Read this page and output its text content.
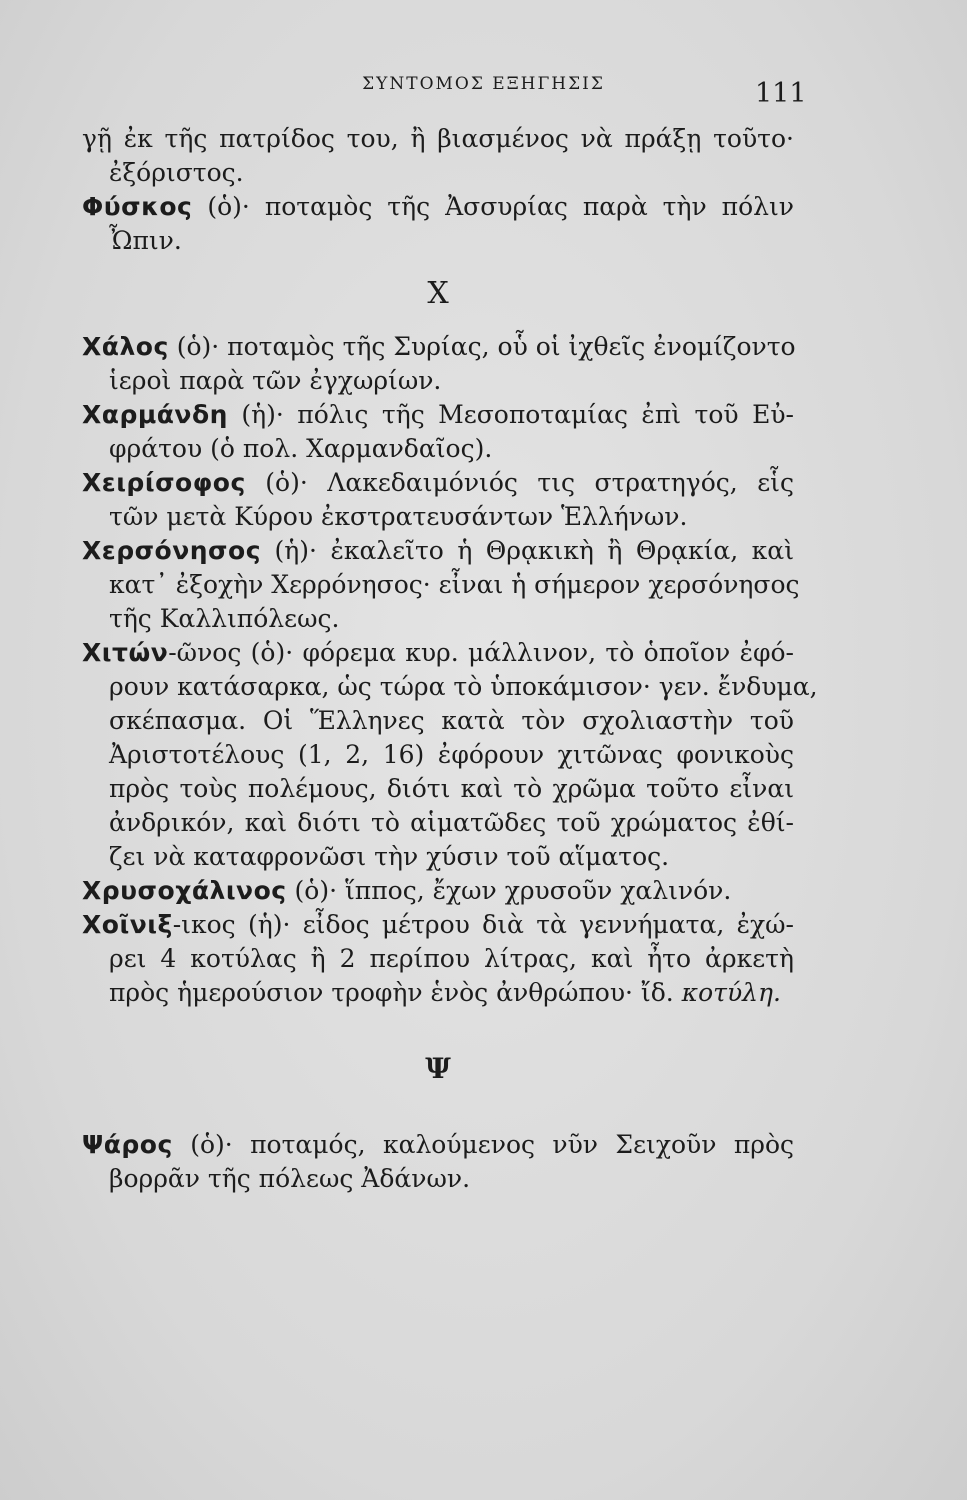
ΣΥΝΤΟΜΟΣ ΕΞΗΓΗΣΙΣ	111
γῇ ἐκ τῆς πατρίδος του, ἢ βιασμένος νὰ πράξῃ τοῦτο·
ἐξόριστος.
Φύσκος (ὁ)· ποταμὸς τῆς Ἀσσυρίας παρὰ τὴν πόλιν
Ὦπιν.
Χ
Χάλος (ὁ)· ποταμὸς τῆς Συρίας, οὗ οἱ ἰχθεῖς ἐνομίζοντο
ἱεροὶ παρὰ τῶν ἐγχωρίων.
Χαρμάνδη (ἡ)· πόλις τῆς Μεσοποταμίας ἐπὶ τοῦ Εὐ-
φράτου (ὁ πολ. Χαρμανδαῖος).
Χειρίσοφος (ὁ)· Λακεδαιμόνιός τις στρατηγός, εἷς
τῶν μετὰ Κύρου ἐκστρατευσάντων Ἑλλήνων.
Χερσόνησος (ἡ)· ἐκαλεῖτο ἡ Θρᾳκικὴ ἢ Θρᾳκία, καὶ
κατ᾽ ἐξοχὴν Χερρόνησος· εἶναι ἡ σήμερον χερσόνησος
τῆς Καλλιπόλεως.
Χιτών-ῶνος (ὁ)· φόρεμα κυρ. μάλλινον, τὸ ὁποῖον ἐφό-
ρουν κατάσαρκα, ὡς τώρα τὸ ὑποκάμισον· γεν. ἔνδυμα,
σκέπασμα. Οἱ Ἕλληνες κατὰ τὸν σχολιαστὴν τοῦ
Ἀριστοτέλους (1, 2, 16) ἐφόρουν χιτῶνας φονικοὺς
πρὸς τοὺς πολέμους, διότι καὶ τὸ χρῶμα τοῦτο εἶναι
ἀνδρικόν, καὶ διότι τὸ αἱματῶδες τοῦ χρώματος ἐθί-
ζει νὰ καταφρονῶσι τὴν χύσιν τοῦ αἵματος.
Χρυσοχάλινος (ὁ)· ἵππος, ἔχων χρυσοῦν χαλινόν.
Χοῖνιξ-ικος (ἡ)· εἶδος μέτρου διὰ τὰ γεννήματα, ἐχώ-
ρει 4 κοτύλας ἢ 2 περίπου λίτρας, καὶ ἦτο ἀρκετὴ
πρὸς ἡμερούσιον τροφὴν ἑνὸς ἀνθρώπου· ἴδ. κοτύλη.
Ψ
Ψάρος (ὁ)· ποταμός, καλούμενος νῦν Σειχοῦν πρὸς
βορρᾶν τῆς πόλεως Ἀδάνων.
